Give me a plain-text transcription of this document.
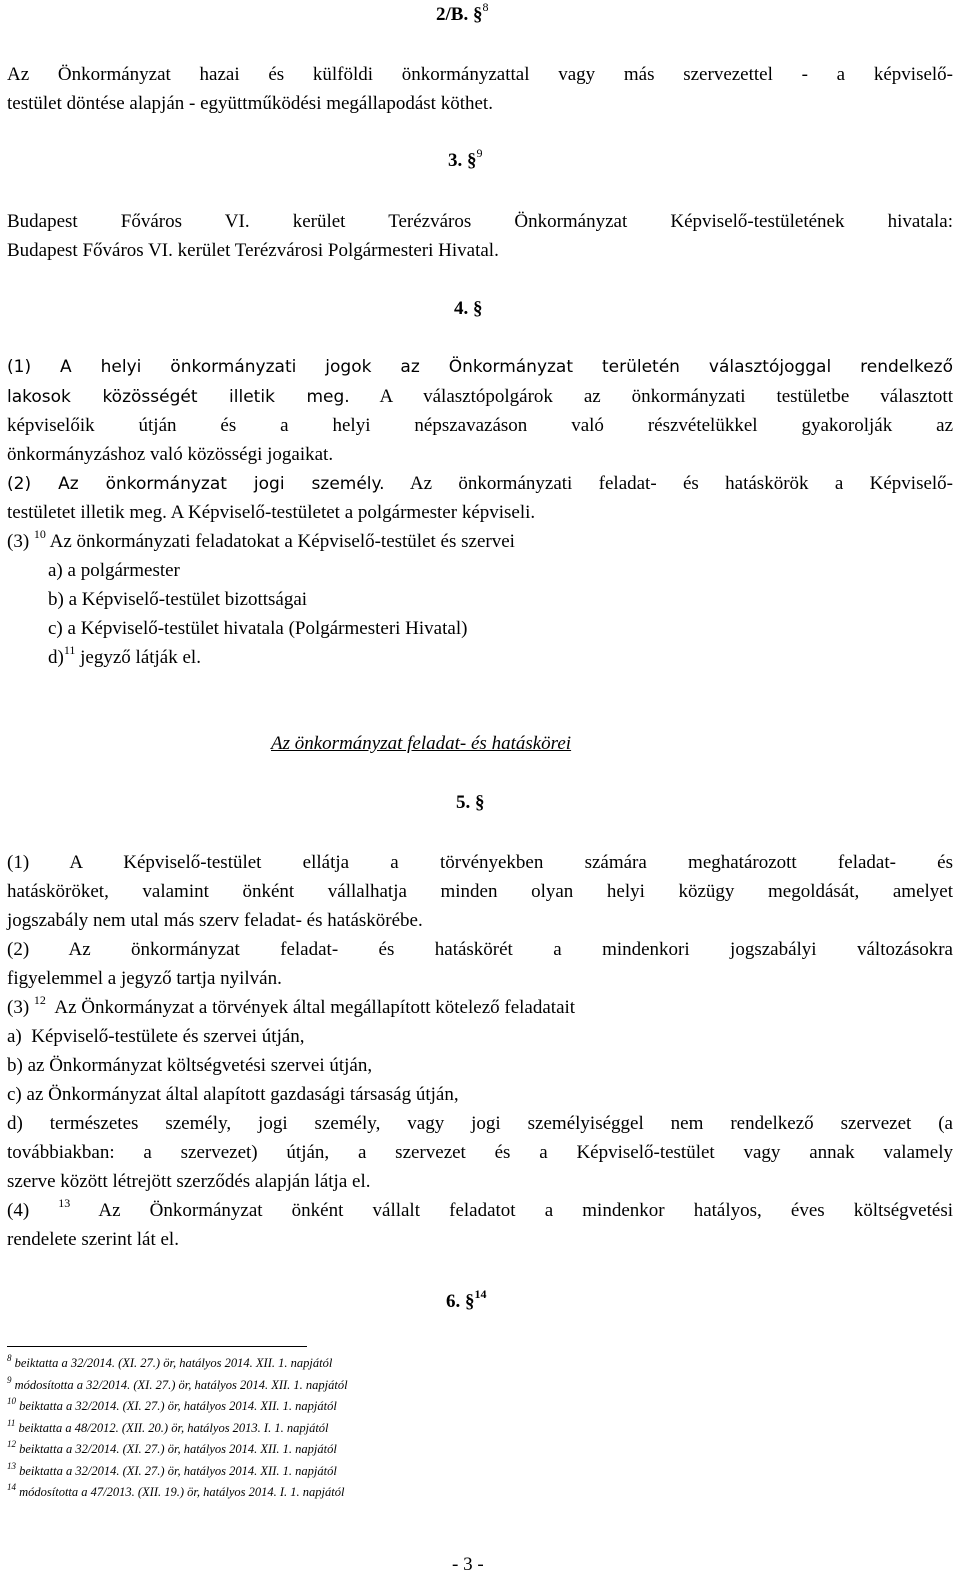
2/B. §$^8$
Az Önkormányzat hazai és külföldi önkormányzattal vagy más szervezettel - a képviselő-
testület döntése alapján - együttműködési megállapodást köthet.
3. §$^9$
Budapest Főváros VI. kerület Terézváros Önkormányzat Képviselő-testületének hivatala:
Budapest Főváros VI. kerület Terézvárosi Polgármesteri Hivatal.
4. §
(1) A helyi önkormányzati jogok az Önkormányzat területén választójoggal rendelkező
lakosok közösségét illetik meg. A választópolgárok az önkormányzati testületbe választott
képviselőik útján és a helyi népszavazáson való részvételükkel gyakorolják az
önkormányzáshoz való közösségi jogaikat.
(2) Az önkormányzat jogi személy. Az önkormányzati feladat- és hatáskörök a Képviselő-
testületet illetik meg. A Képviselő-testületet a polgármester képviseli.
(3) $^{10}$ Az önkormányzati feladatokat a Képviselő-testület és szervei
a) a polgármester
b) a Képviselő-testület bizottságai
c) a Képviselő-testület hivatala (Polgármesteri Hivatal)
d)$^{11}$ jegyző látják el.
Az önkormányzat feladat- és hatáskörei
5. §
(1) A Képviselő-testület ellátja a törvényekben számára meghatározott feladat- és
hatásköröket, valamint önként vállalhatja minden olyan helyi közügy megoldását, amelyet
jogszabály nem utal más szerv feladat- és hatáskörébe.
(2) Az önkormányzat feladat- és hatáskörét a mindenkori jogszabályi változásokra
figyelemmel a jegyző tartja nyilván.
(3) $^{12}$  Az Önkormányzat a törvények által megállapított kötelező feladatait
a)  Képviselő-testülete és szervei útján,
b) az Önkormányzat költségvetési szervei útján,
c) az Önkormányzat által alapított gazdasági társaság útján,
d) természetes személy, jogi személy, vagy jogi személyiséggel nem rendelkező szervezet (a
továbbiakban: a szervezet) útján, a szervezet és a Képviselő-testület vagy annak valamely
szerve között létrejött szerződés alapján látja el.
(4) $^{13}$ Az Önkormányzat önként vállalt feladatot a mindenkor hatályos, éves költségvetési
rendelete szerint lát el.
6. §$^{14}$
$^8$ beiktatta a 32/2014. (XI. 27.) ör, hatályos 2014. XII. 1. napjától
$^9$ módosította a 32/2014. (XI. 27.) ör, hatályos 2014. XII. 1. napjától
$^{10}$ beiktatta a 32/2014. (XI. 27.) ör, hatályos 2014. XII. 1. napjától
$^{11}$ beiktatta a 48/2012. (XII. 20.) ör, hatályos 2013. I. 1. napjától
$^{12}$ beiktatta a 32/2014. (XI. 27.) ör, hatályos 2014. XII. 1. napjától
$^{13}$ beiktatta a 32/2014. (XI. 27.) ör, hatályos 2014. XII. 1. napjától
$^{14}$ módosította a 47/2013. (XII. 19.) ör, hatályos 2014. I. 1. napjától
- 3 -
